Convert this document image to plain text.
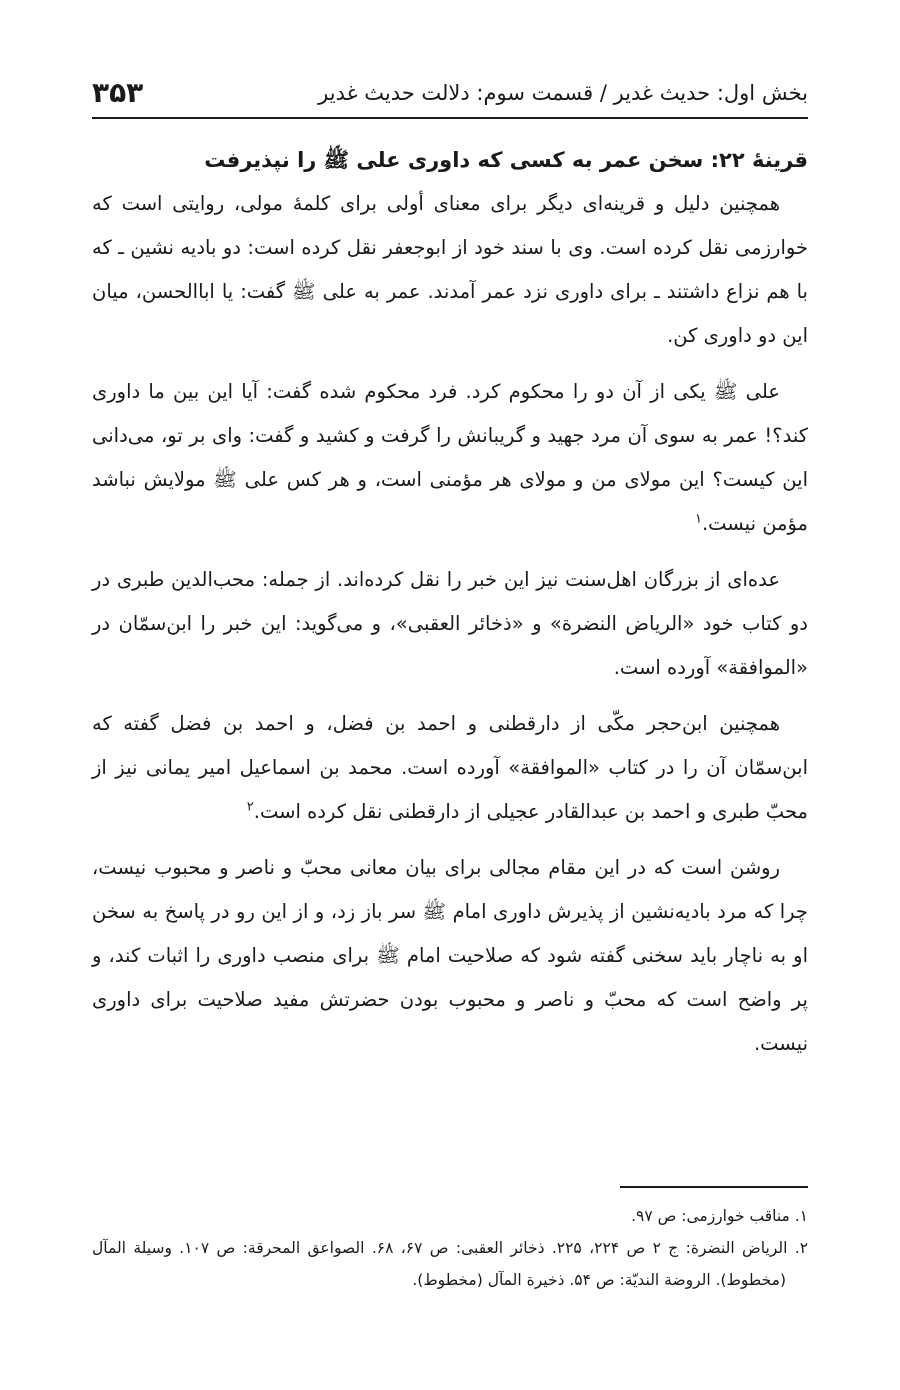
بخش اول: حدیث غدیر / قسمت سوم: دلالت حدیث غدیر
۳۵۳

قرینهٔ ۲۲: سخن عمر به کسی که داوری علی ﷺ را نپذیرفت

همچنین دلیل و قرینه‌ای دیگر برای معنای أولی برای کلمهٔ مولی، روایتی است که خوارزمی نقل کرده است. وی با سند خود از ابوجعفر نقل کرده است: دو بادیه نشین ـ که با هم نزاع داشتند ـ برای داوری نزد عمر آمدند. عمر به علی ﷺ گفت: یا اباالحسن، میان این دو داوری کن.

علی ﷺ یکی از آن دو را محکوم کرد. فرد محکوم شده گفت: آیا این بین ما داوری کند؟! عمر به سوی آن مرد جهید و گریبانش را گرفت و کشید و گفت: وای بر تو، می‌دانی این کیست؟ این مولای من و مولای هر مؤمنی است، و هر کس علی ﷺ مولایش نباشد مؤمن نیست.$^۱$

عده‌ای از بزرگان اهل‌سنت نیز این خبر را نقل کرده‌اند. از جمله: محب‌الدین طبری در دو کتاب خود «الریاض النضرة» و «ذخائر العقبی»، و می‌گوید: این خبر را ابن‌سمّان در «الموافقة» آورده است.

همچنین ابن‌حجر مکّی از دارقطنی و احمد بن فضل، و احمد بن فضل گفته که ابن‌سمّان آن را در کتاب «الموافقة» آورده است. محمد بن اسماعیل امیر یمانی نیز از محبّ طبری و احمد بن عبدالقادر عجیلی از دارقطنی نقل کرده است.$^۲$

روشن است که در این مقام مجالی برای بیان معانی محبّ و ناصر و محبوب نیست، چرا که مرد بادیه‌نشین از پذیرش داوری امام ﷺ سر باز زد، و از این رو در پاسخ به سخن او به ناچار باید سخنی گفته شود که صلاحیت امام ﷺ برای منصب داوری را اثبات کند، و پر واضح است که محبّ و ناصر و محبوب بودن حضرتش مفید صلاحیت برای داوری نیست.

۱. مناقب خوارزمی: ص ۹۷.

۲. الریاض النضرة: ج ۲ ص ۲۲۴، ۲۲۵. ذخائر العقبی: ص ۶۷، ۶۸. الصواعق المحرقة: ص ۱۰۷. وسیلة المآل (مخطوط). الروضة الندیّة: ص ۵۴. ذخیرة المآل (مخطوط).
